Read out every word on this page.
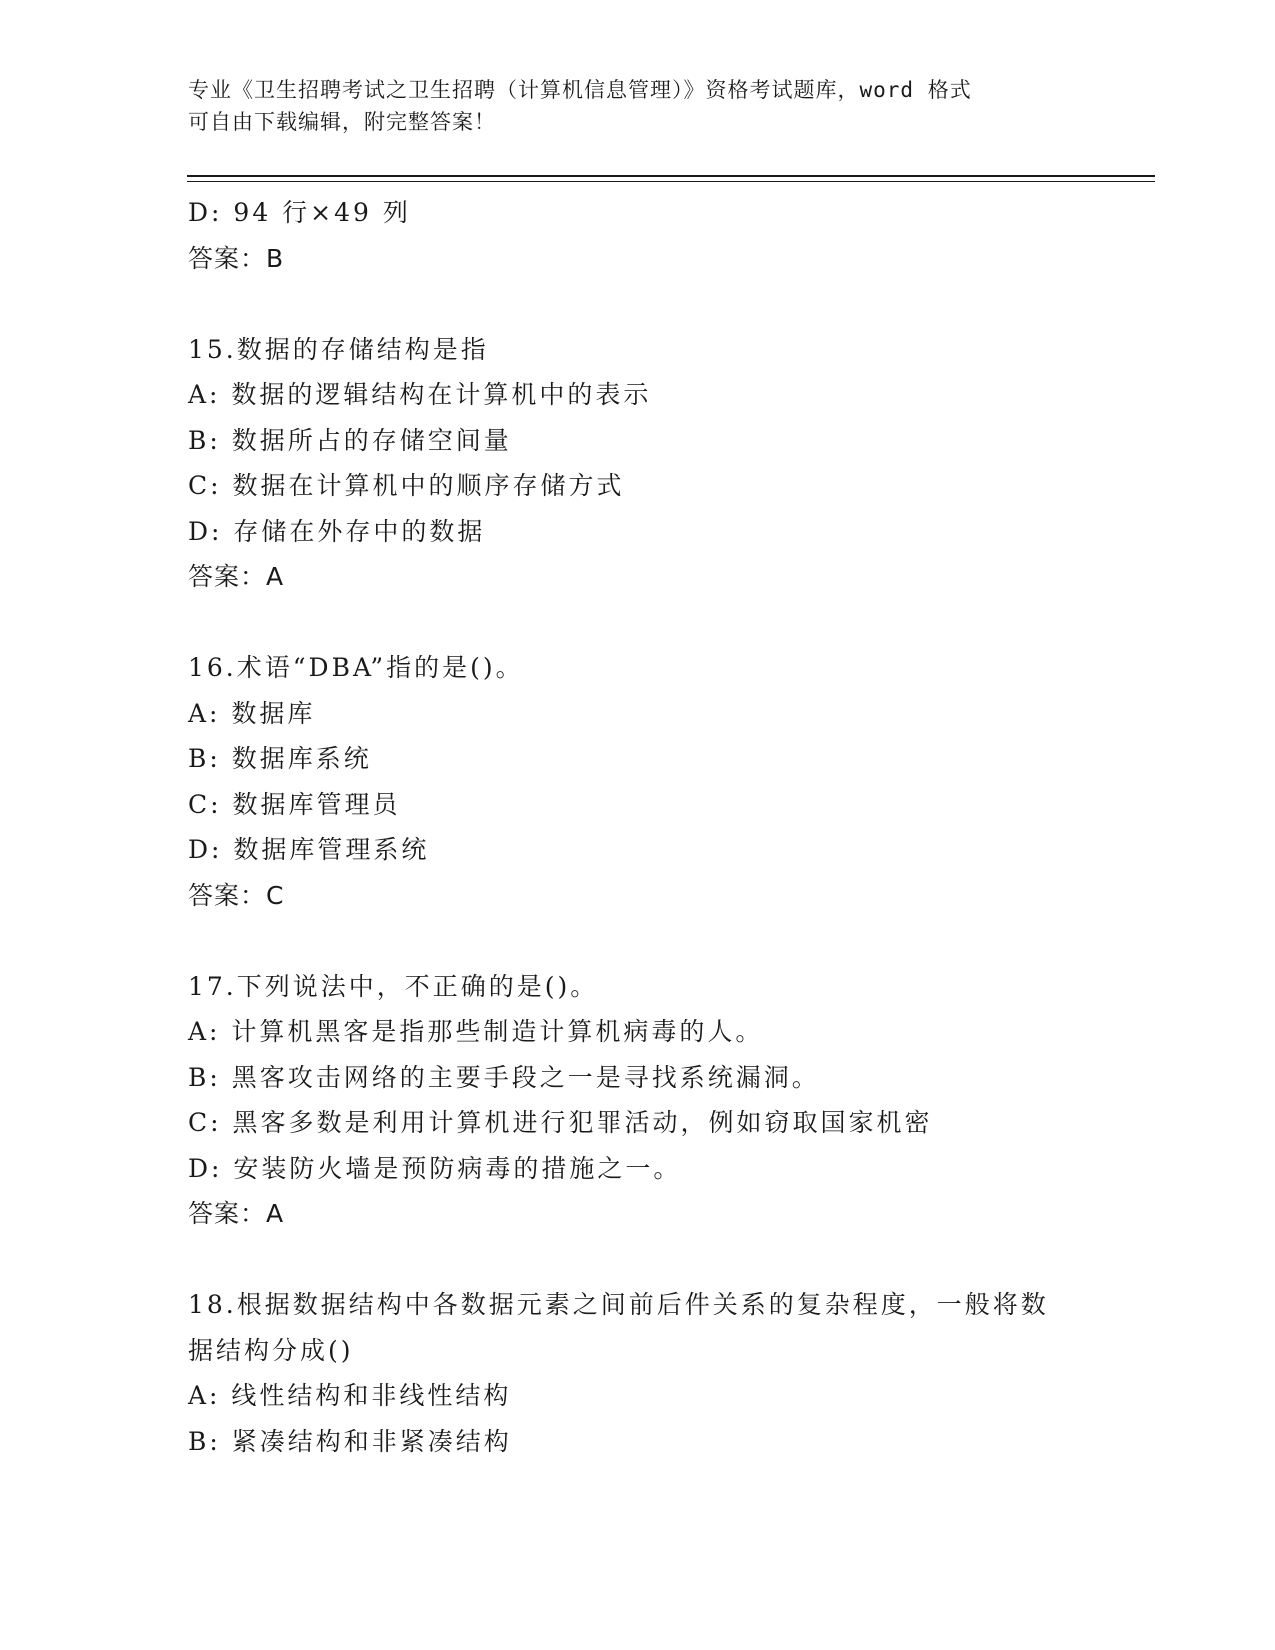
专业《卫生招聘考试之卫生招聘（计算机信息管理）》资格考试题库，word 格式
可自由下载编辑，附完整答案！
D: 94 行×49 列
答案：B
15.数据的存储结构是指
A: 数据的逻辑结构在计算机中的表示
B: 数据所占的存储空间量
C: 数据在计算机中的顺序存储方式
D: 存储在外存中的数据
答案：A
16.术语“DBA”指的是()。
A: 数据库
B: 数据库系统
C: 数据库管理员
D: 数据库管理系统
答案：C
17.下列说法中，不正确的是()。
A: 计算机黑客是指那些制造计算机病毒的人。
B: 黑客攻击网络的主要手段之一是寻找系统漏洞。
C: 黑客多数是利用计算机进行犯罪活动，例如窃取国家机密
D: 安装防火墙是预防病毒的措施之一。
答案：A
18.根据数据结构中各数据元素之间前后件关系的复杂程度，一般将数
据结构分成()
A: 线性结构和非线性结构
B: 紧凑结构和非紧凑结构
